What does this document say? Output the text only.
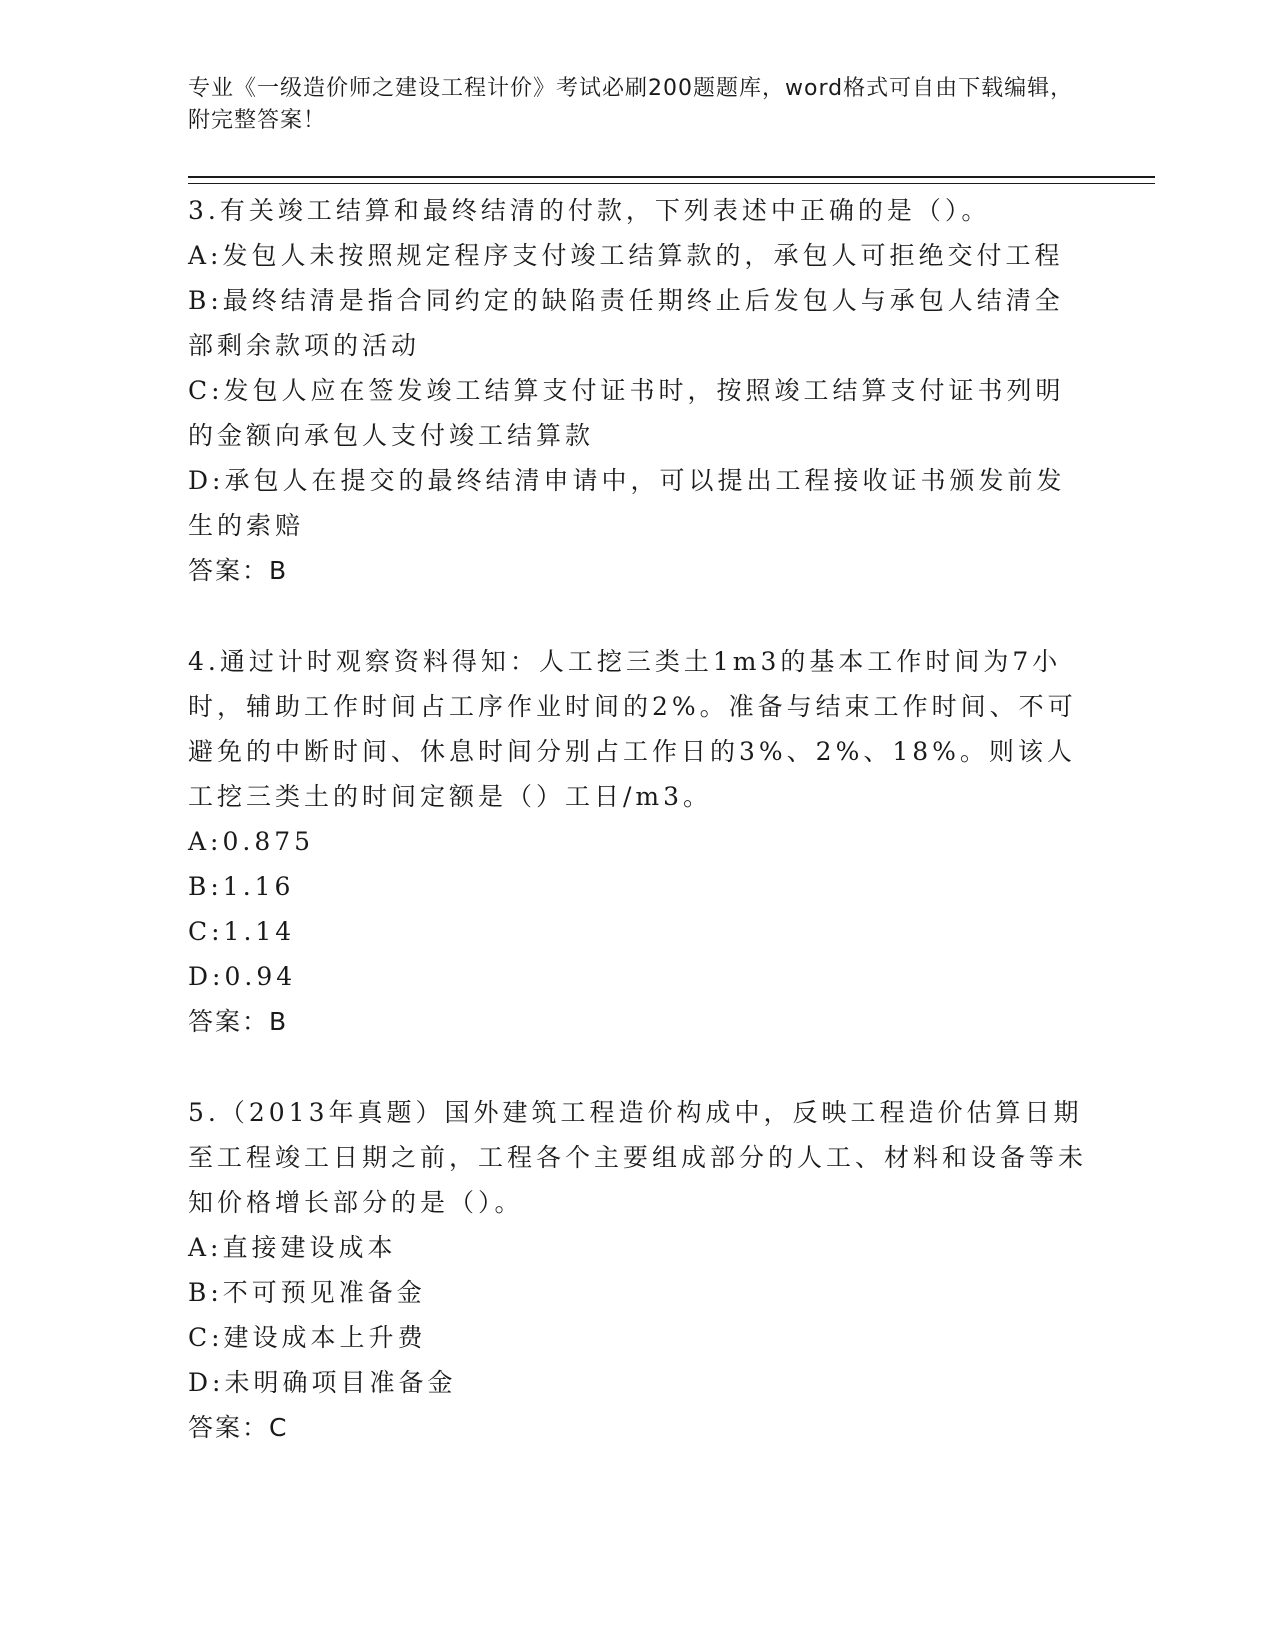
专业《一级造价师之建设工程计价》考试必刷200题题库，word格式可自由下载编辑，附完整答案！

3.有关竣工结算和最终结清的付款，下列表述中正确的是（）。

A:发包人未按照规定程序支付竣工结算款的，承包人可拒绝交付工程

B:最终结清是指合同约定的缺陷责任期终止后发包人与承包人结清全部剩余款项的活动

C:发包人应在签发竣工结算支付证书时，按照竣工结算支付证书列明的金额向承包人支付竣工结算款

D:承包人在提交的最终结清申请中，可以提出工程接收证书颁发前发生的索赔

答案：B

4.通过计时观察资料得知：人工挖三类土1m3的基本工作时间为7小时，辅助工作时间占工序作业时间的2%。准备与结束工作时间、不可避免的中断时间、休息时间分别占工作日的3%、2%、18%。则该人工挖三类土的时间定额是（）工日/m3。

A:0.875

B:1.16

C:1.14

D:0.94

答案：B

5.（2013年真题）国外建筑工程造价构成中，反映工程造价估算日期至工程竣工日期之前，工程各个主要组成部分的人工、材料和设备等未知价格增长部分的是（）。

A:直接建设成本

B:不可预见准备金

C:建设成本上升费

D:未明确项目准备金

答案：C
